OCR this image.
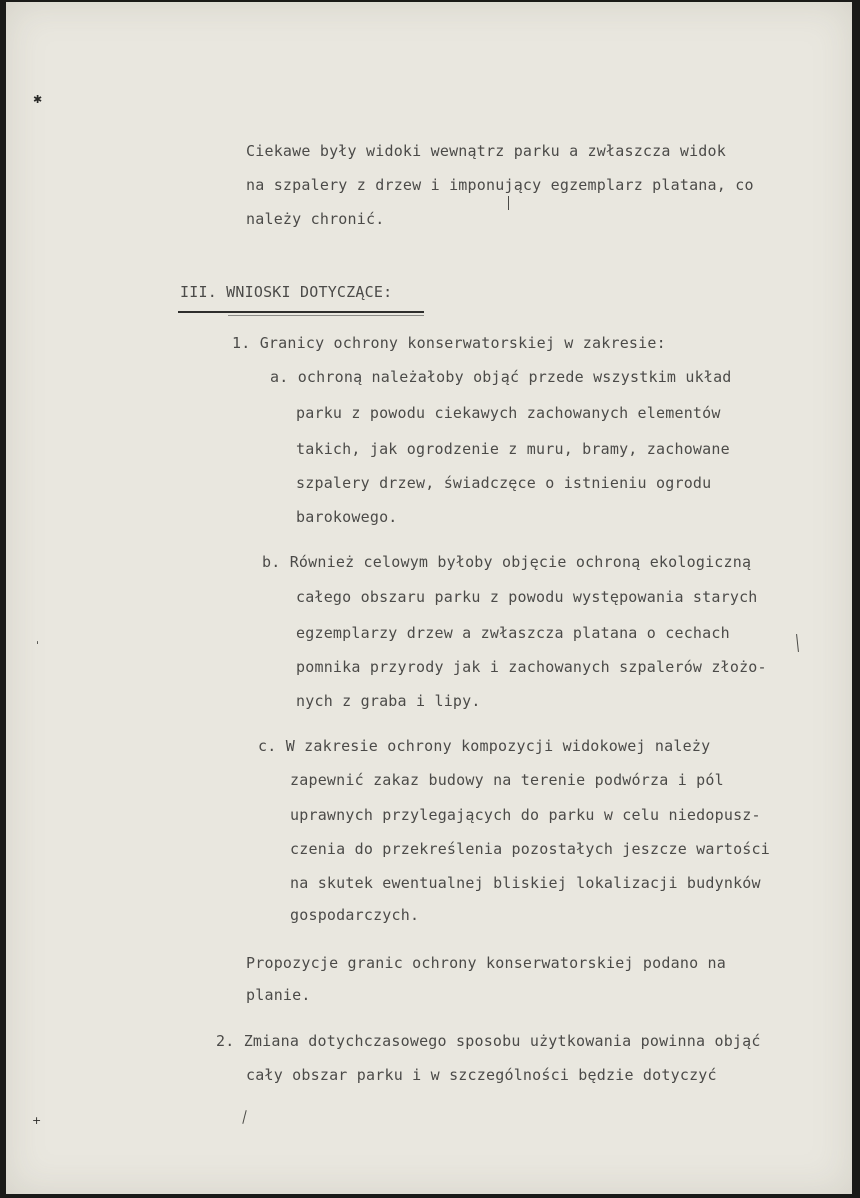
Ciekawe były widoki wewnątrz parku a zwłaszcza widok
na szpalery z drzew i imponujący egzemplarz platana, co
należy chronić.
III. WNIOSKI DOTYCZĄCE:
1. Granicy ochrony konserwatorskiej w zakresie:
a. ochroną należałoby objąć przede wszystkim układ
parku z powodu ciekawych zachowanych elementów
takich, jak ogrodzenie z muru, bramy, zachowane
szpalery drzew, świadczęce o istnieniu ogrodu
barokowego.
b. Również celowym byłoby objęcie ochroną ekologiczną
całego obszaru parku z powodu występowania starych
egzemplarzy drzew a zwłaszcza platana o cechach
pomnika przyrody jak i zachowanych szpalerów złożo-
nych z graba i lipy.
c. W zakresie ochrony kompozycji widokowej należy
zapewnić zakaz budowy na terenie podwórza i pól
uprawnych przylegających do parku w celu niedopusz-
czenia do przekreślenia pozostałych jeszcze wartości
na skutek ewentualnej bliskiej lokalizacji budynków
gospodarczych.
Propozycje granic ochrony konserwatorskiej podano na
planie.
2. Zmiana dotychczasowego sposobu użytkowania powinna objąć
cały obszar parku i w szczególności będzie dotyczyć
✱
ˈ
+
